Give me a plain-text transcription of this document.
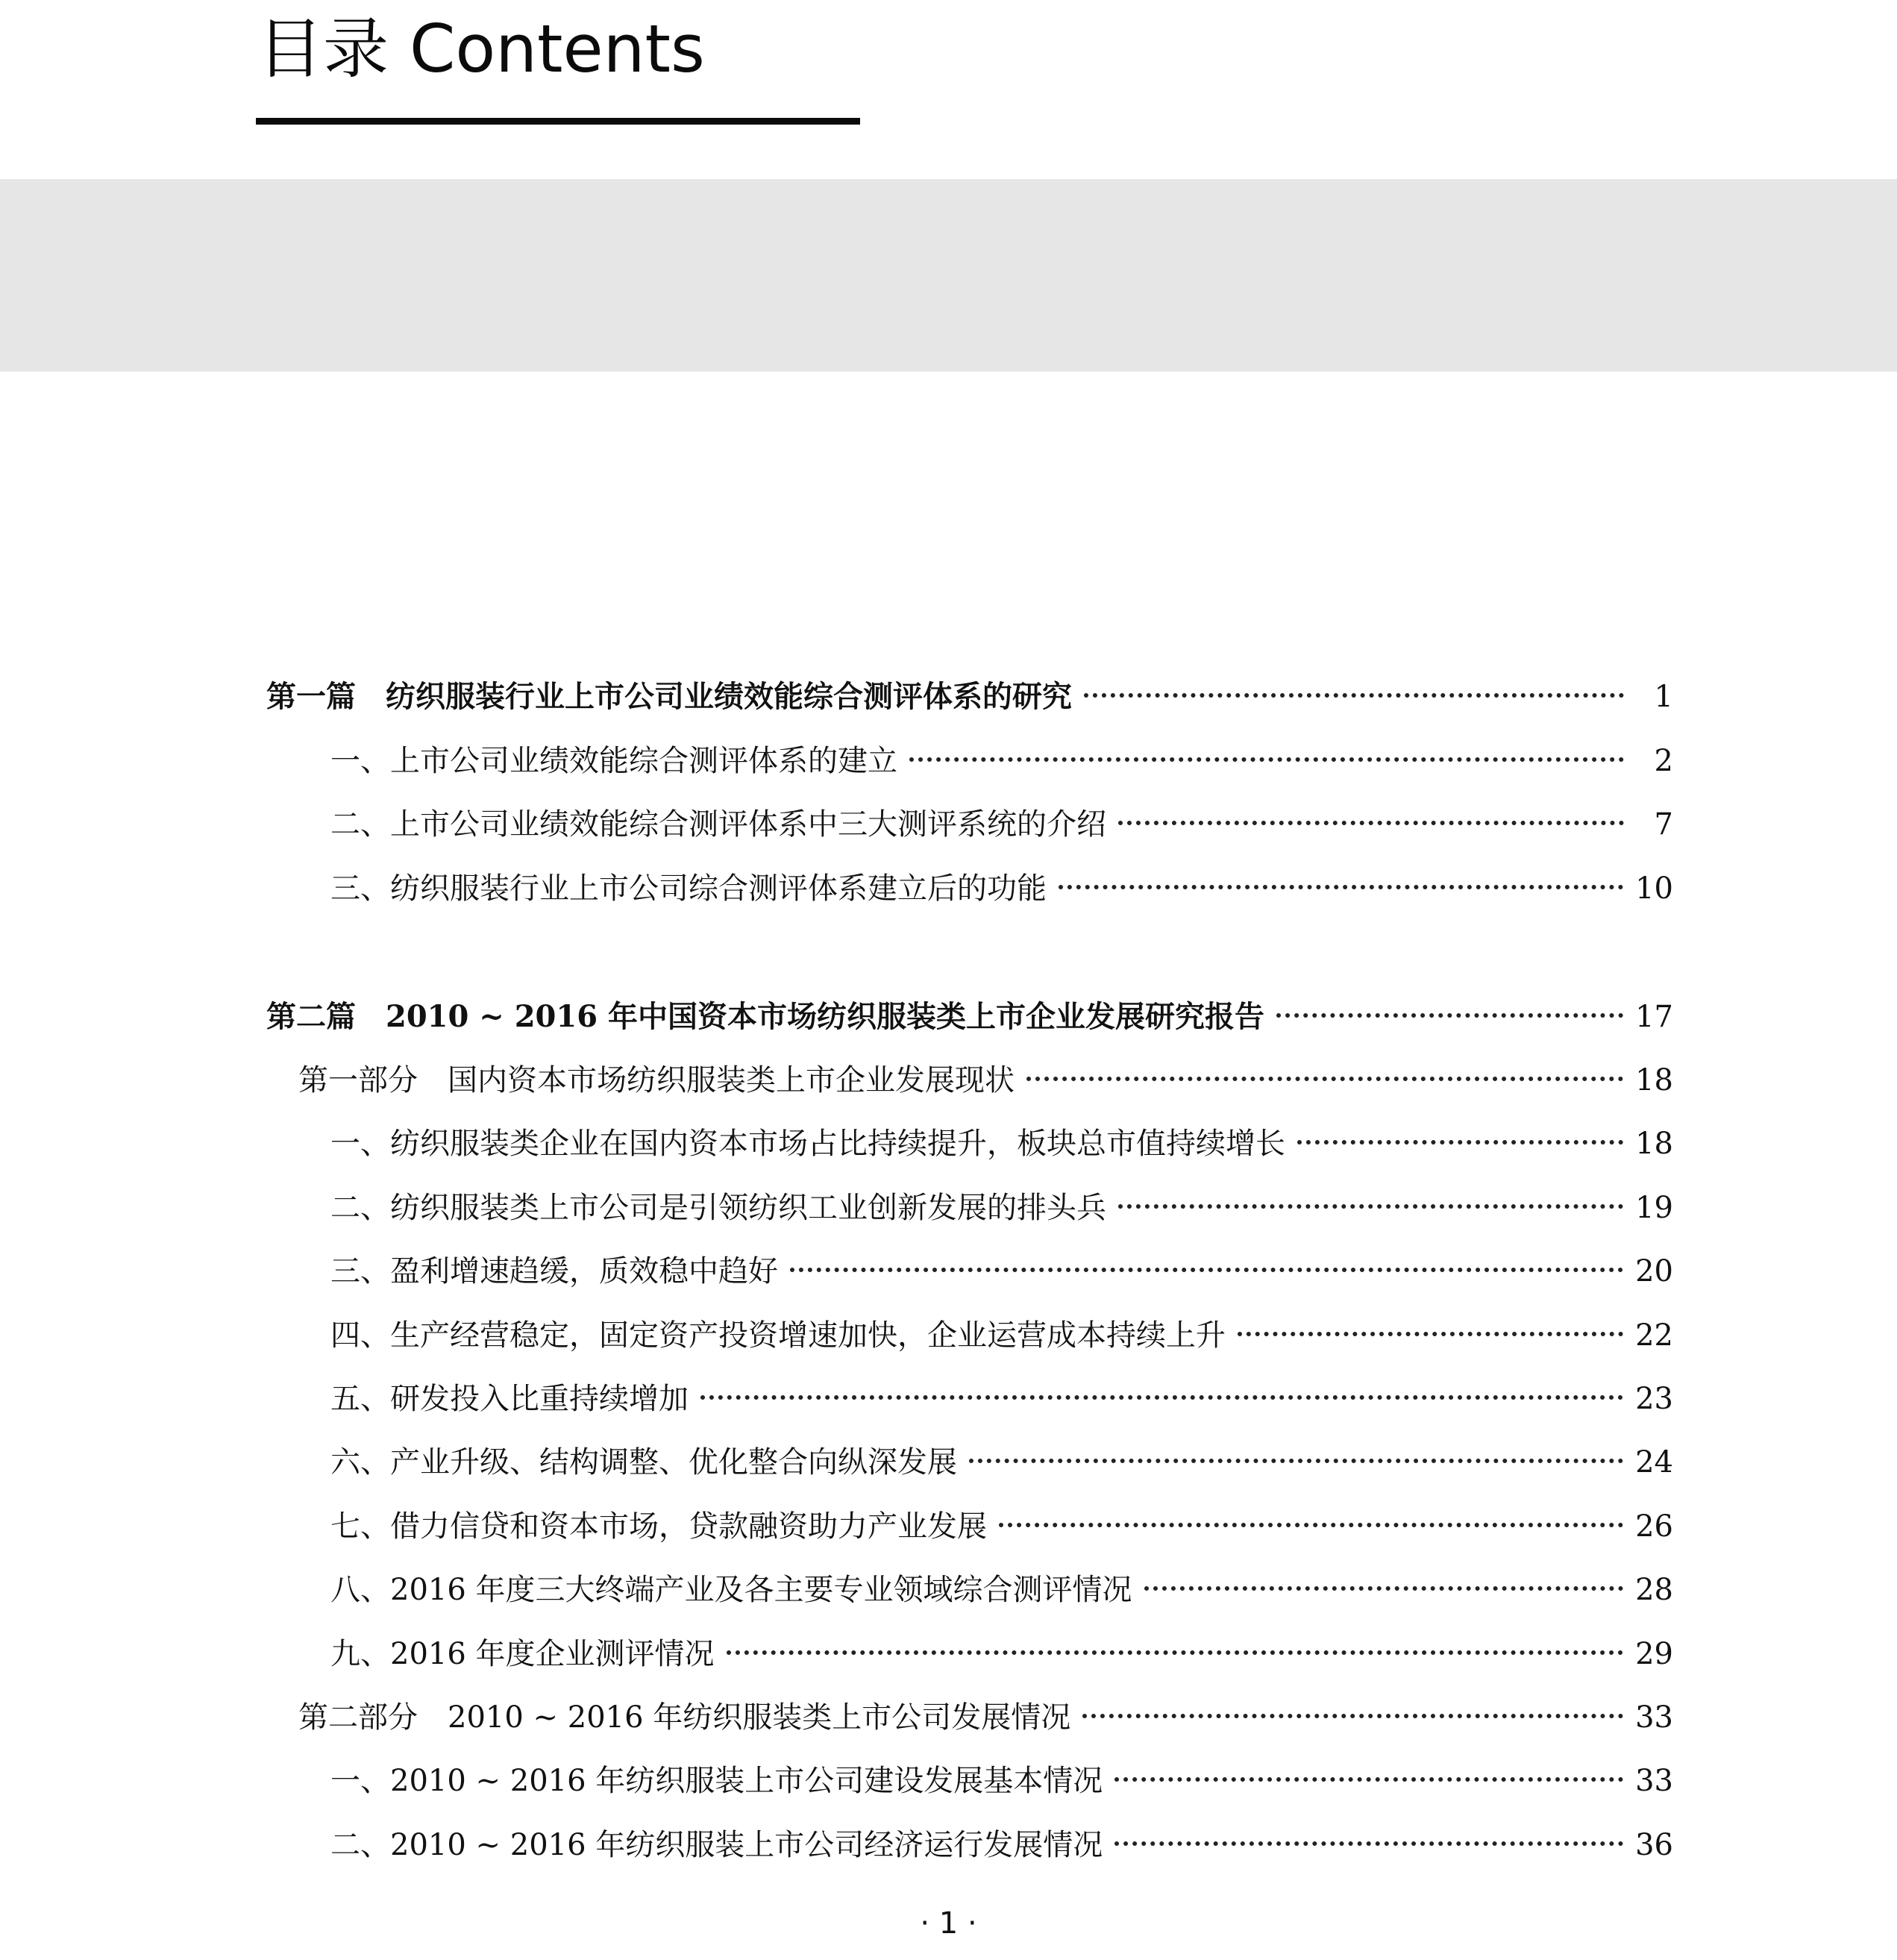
目录 Contents
第一篇　纺织服装行业上市公司业绩效能综合测评体系的研究	1
一、上市公司业绩效能综合测评体系的建立	2
二、上市公司业绩效能综合测评体系中三大测评系统的介绍	7
三、纺织服装行业上市公司综合测评体系建立后的功能	10
第二篇　2010 ~ 2016 年中国资本市场纺织服装类上市企业发展研究报告	17
第一部分　国内资本市场纺织服装类上市企业发展现状	18
一、纺织服装类企业在国内资本市场占比持续提升，板块总市值持续增长	18
二、纺织服装类上市公司是引领纺织工业创新发展的排头兵	19
三、盈利增速趋缓，质效稳中趋好	20
四、生产经营稳定，固定资产投资增速加快，企业运营成本持续上升	22
五、研发投入比重持续增加	23
六、产业升级、结构调整、优化整合向纵深发展	24
七、借力信贷和资本市场，贷款融资助力产业发展	26
八、2016 年度三大终端产业及各主要专业领域综合测评情况	28
九、2016 年度企业测评情况	29
第二部分　2010 ~ 2016 年纺织服装类上市公司发展情况	33
一、2010 ~ 2016 年纺织服装上市公司建设发展基本情况	33
二、2010 ~ 2016 年纺织服装上市公司经济运行发展情况	36
· 1 ·
